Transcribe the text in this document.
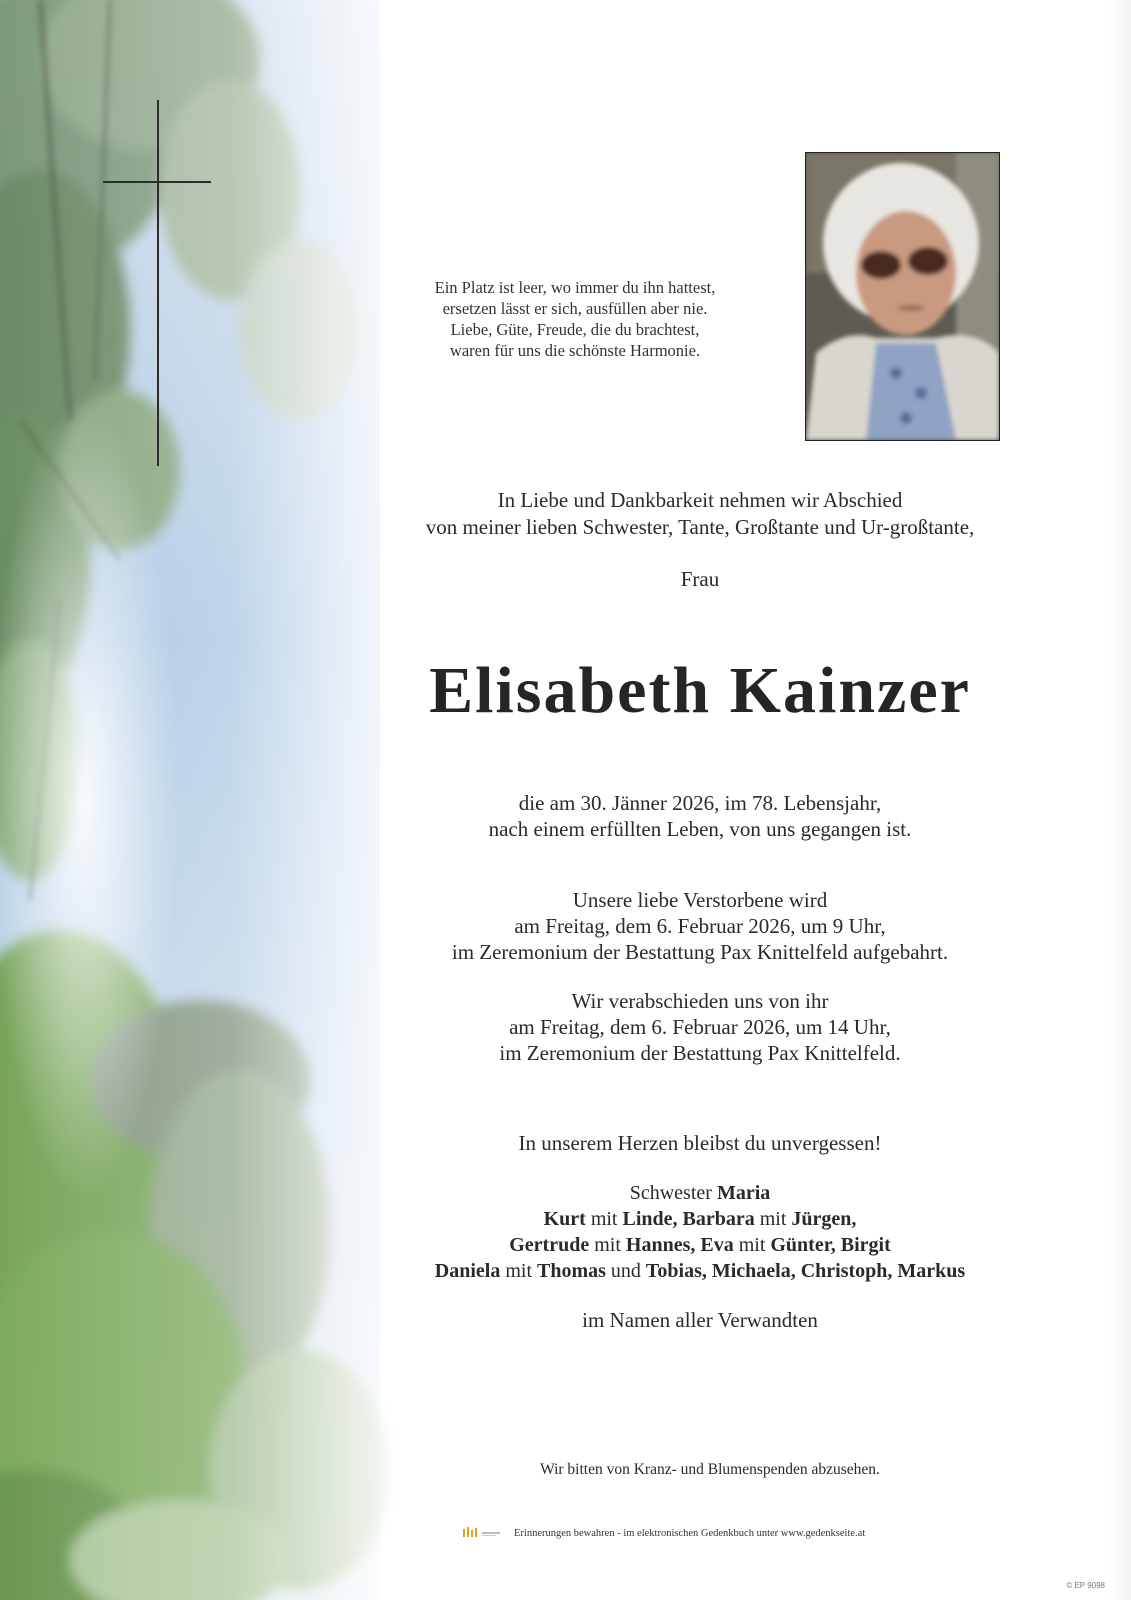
Ein Platz ist leer, wo immer du ihn hattest,
ersetzen lässt er sich, ausfüllen aber nie.
Liebe, Güte, Freude, die du brachtest,
waren für uns die schönste Harmonie.
In Liebe und Dankbarkeit nehmen wir Abschied
von meiner lieben Schwester, Tante, Großtante und Ur-großtante,
Frau
Elisabeth Kainzer
die am 30. Jänner 2026, im 78. Lebensjahr,
nach einem erfüllten Leben, von uns gegangen ist.
Unsere liebe Verstorbene wird
am Freitag, dem 6. Februar 2026, um 9 Uhr,
im Zeremonium der Bestattung Pax Knittelfeld aufgebahrt.
Wir verabschieden uns von ihr
am Freitag, dem 6. Februar 2026, um 14 Uhr,
im Zeremonium der Bestattung Pax Knittelfeld.
In unserem Herzen bleibst du unvergessen!
Schwester Maria
Kurt mit Linde, Barbara mit Jürgen,
Gertrude mit Hannes, Eva mit Günter, Birgit
Daniela mit Thomas und Tobias, Michaela, Christoph, Markus
im Namen aller Verwandten
Wir bitten von Kranz- und Blumenspenden abzusehen.
Erinnerungen bewahren - im elektronischen Gedenkbuch unter www.gedenkseite.at
© EP 9098
